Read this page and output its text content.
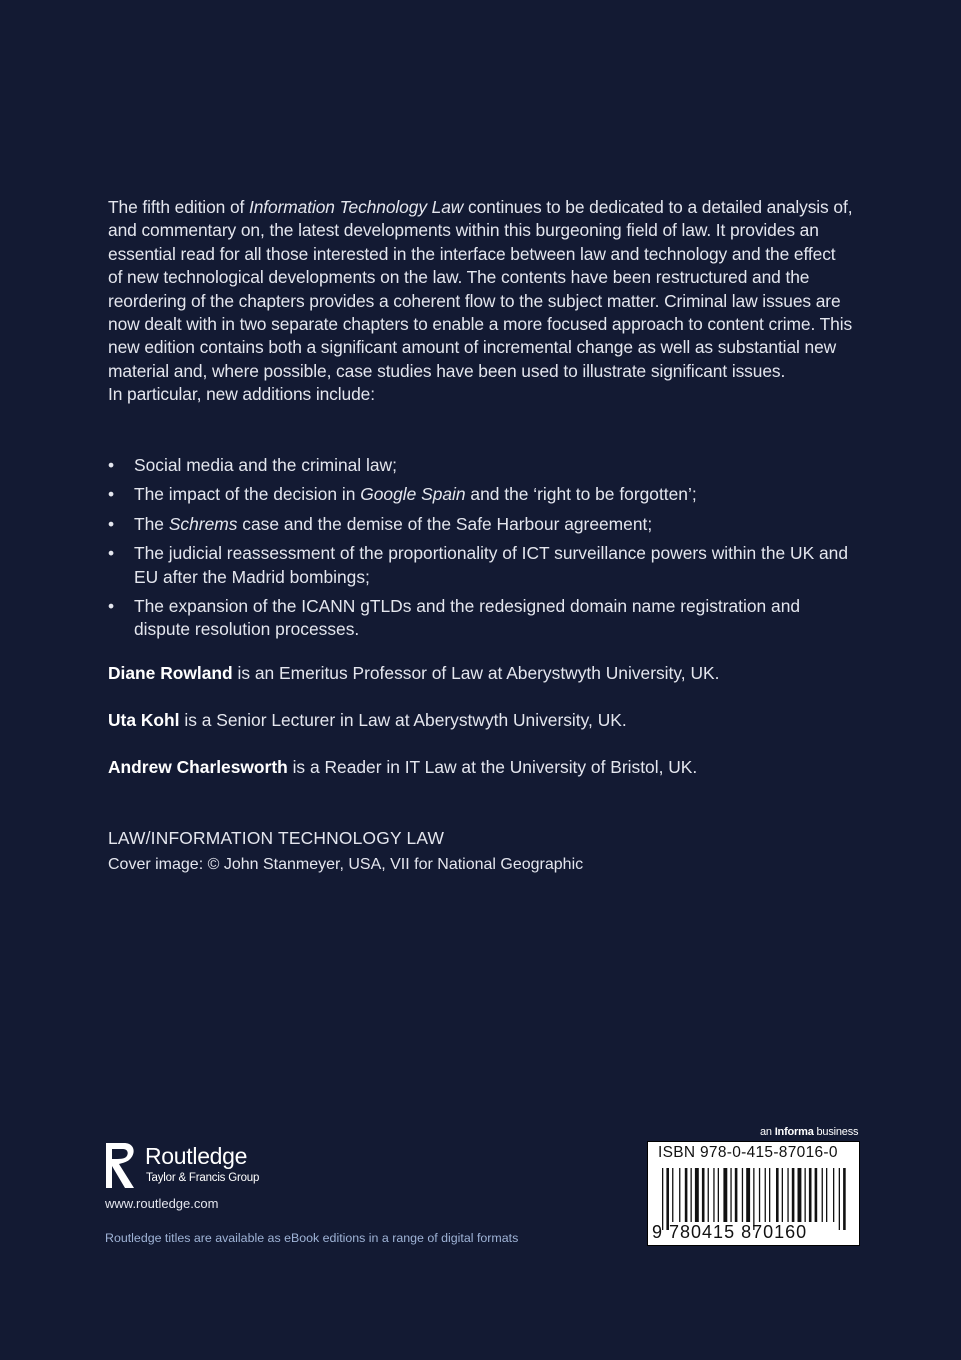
The fifth edition of Information Technology Law continues to be dedicated to a detailed analysis of, and commentary on, the latest developments within this burgeoning field of law. It provides an essential read for all those interested in the interface between law and technology and the effect of new technological developments on the law. The contents have been restructured and the reordering of the chapters provides a coherent flow to the subject matter. Criminal law issues are now dealt with in two separate chapters to enable a more focused approach to content crime. This new edition contains both a significant amount of incremental change as well as substantial new material and, where possible, case studies have been used to illustrate significant issues.

In particular, new additions include:

• Social media and the criminal law;
• The impact of the decision in Google Spain and the ‘right to be forgotten’;
• The Schrems case and the demise of the Safe Harbour agreement;
• The judicial reassessment of the proportionality of ICT surveillance powers within the UK and EU after the Madrid bombings;
• The expansion of the ICANN gTLDs and the redesigned domain name registration and dispute resolution processes.
Diane Rowland is an Emeritus Professor of Law at Aberystwyth University, UK.
Uta Kohl is a Senior Lecturer in Law at Aberystwyth University, UK.
Andrew Charlesworth is a Reader in IT Law at the University of Bristol, UK.
LAW/INFORMATION TECHNOLOGY LAW
Cover image: © John Stanmeyer, USA, VII for National Geographic
Routledge
Taylor & Francis Group
www.routledge.com
Routledge titles are available as eBook editions in a range of digital formats
an Informa business
ISBN 978-0-415-87016-0
9 780415 870160
